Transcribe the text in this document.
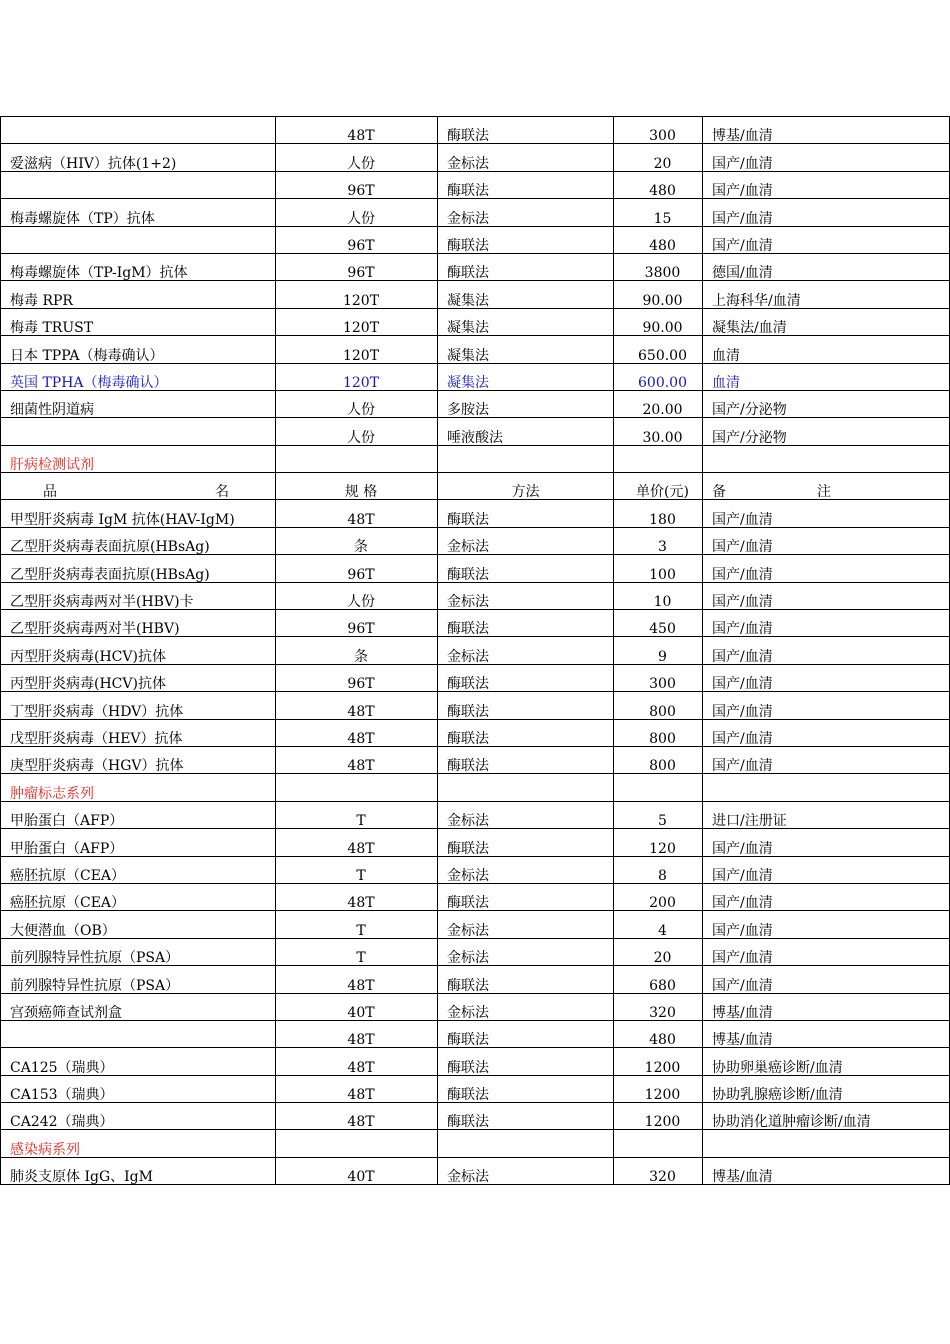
	48T	酶联法	300	博基/血清
爱滋病（HIV）抗体(1+2)	人份	金标法	20	国产/血清
	96T	酶联法	480	国产/血清
梅毒螺旋体（TP）抗体	人份	金标法	15	国产/血清
	96T	酶联法	480	国产/血清
梅毒螺旋体（TP-IgM）抗体	96T	酶联法	3800	德国/血清
梅毒 RPR	120T	凝集法	90.00	上海科华/血清
梅毒 TRUST	120T	凝集法	90.00	凝集法/血清
日本 TPPA（梅毒确认）	120T	凝集法	650.00	血清
英国 TPHA（梅毒确认）	120T	凝集法	600.00	血清
细菌性阴道病	人份	多胺法	20.00	国产/分泌物
	人份	唾液酸法	30.00	国产/分泌物
肝病检测试剂				

品 名	规 格	方法	单价(元)	备 注

甲型肝炎病毒 IgM 抗体(HAV-IgM)	48T	酶联法	180	国产/血清
乙型肝炎病毒表面抗原(HBsAg)	条	金标法	3	国产/血清
乙型肝炎病毒表面抗原(HBsAg)	96T	酶联法	100	国产/血清
乙型肝炎病毒两对半(HBV)卡	人份	金标法	10	国产/血清
乙型肝炎病毒两对半(HBV)	96T	酶联法	450	国产/血清
丙型肝炎病毒(HCV)抗体	条	金标法	9	国产/血清
丙型肝炎病毒(HCV)抗体	96T	酶联法	300	国产/血清
丁型肝炎病毒（HDV）抗体	48T	酶联法	800	国产/血清
戊型肝炎病毒（HEV）抗体	48T	酶联法	800	国产/血清
庚型肝炎病毒（HGV）抗体	48T	酶联法	800	国产/血清
肿瘤标志系列				
甲胎蛋白（AFP）	T	金标法	5	进口/注册证
甲胎蛋白（AFP）	48T	酶联法	120	国产/血清
癌胚抗原（CEA）	T	金标法	8	国产/血清
癌胚抗原（CEA）	48T	酶联法	200	国产/血清
大便潜血（OB）	T	金标法	4	国产/血清
前列腺特异性抗原（PSA）	T	金标法	20	国产/血清
前列腺特异性抗原（PSA）	48T	酶联法	680	国产/血清
宫颈癌筛查试剂盒	40T	金标法	320	博基/血清
	48T	酶联法	480	博基/血清
CA125（瑞典）	48T	酶联法	1200	协助卵巢癌诊断/血清
CA153（瑞典）	48T	酶联法	1200	协助乳腺癌诊断/血清
CA242（瑞典）	48T	酶联法	1200	协助消化道肿瘤诊断/血清
感染病系列				
肺炎支原体 IgG、IgM	40T	金标法	320	博基/血清
